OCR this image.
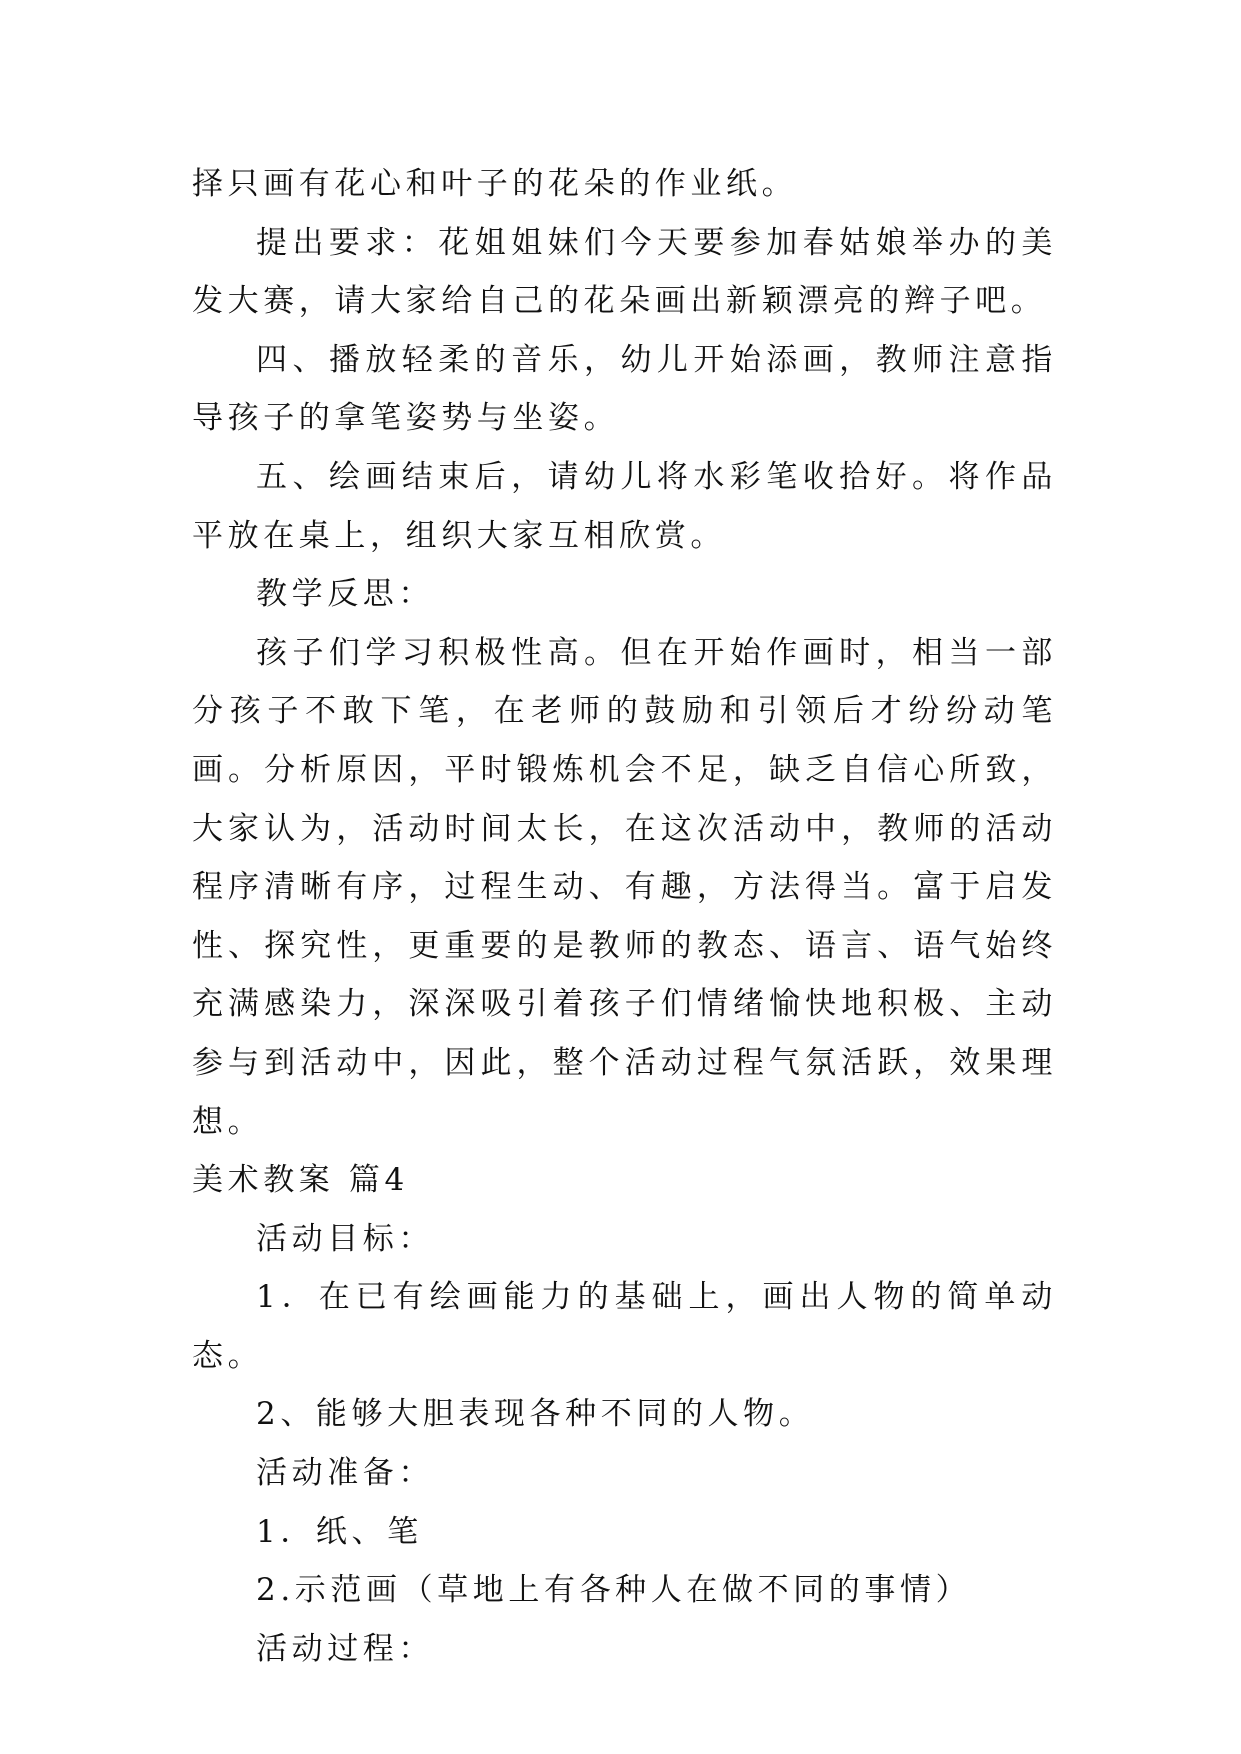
择只画有花心和叶子的花朵的作业纸。

提出要求：花姐姐妹们今天要参加春姑娘举办的美发大赛，请大家给自己的花朵画出新颖漂亮的辫子吧。

四、播放轻柔的音乐，幼儿开始添画，教师注意指导孩子的拿笔姿势与坐姿。

五、绘画结束后，请幼儿将水彩笔收拾好。将作品平放在桌上，组织大家互相欣赏。

教学反思：

孩子们学习积极性高。但在开始作画时，相当一部分孩子不敢下笔，在老师的鼓励和引领后才纷纷动笔画。分析原因，平时锻炼机会不足，缺乏自信心所致，大家认为，活动时间太长，在这次活动中，教师的活动程序清晰有序，过程生动、有趣，方法得当。富于启发性、探究性，更重要的是教师的教态、语言、语气始终充满感染力，深深吸引着孩子们情绪愉快地积极、主动参与到活动中，因此，整个活动过程气氛活跃，效果理想。

美术教案 篇4

活动目标：

1．在已有绘画能力的基础上，画出人物的简单动态。

2、能够大胆表现各种不同的人物。

活动准备：

1．纸、笔

2.示范画（草地上有各种人在做不同的事情）

活动过程：
